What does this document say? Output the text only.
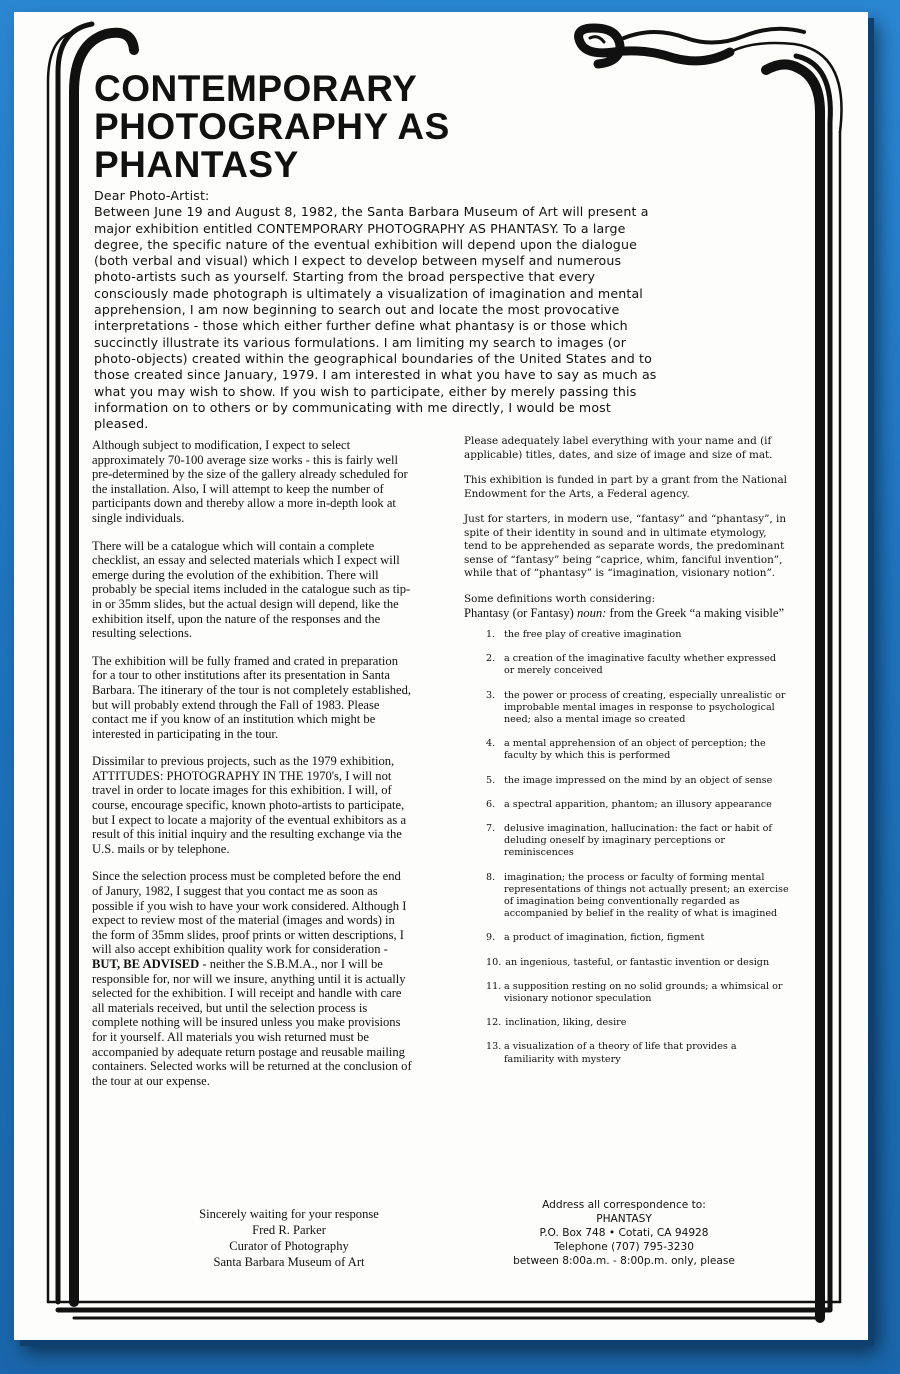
CONTEMPORARY
PHOTOGRAPHY AS
PHANTASY

Dear Photo-Artist:

Between June 19 and August 8, 1982, the Santa Barbara Museum of Art will present a major exhibition entitled CONTEMPORARY PHOTOGRAPHY AS PHANTASY. To a large degree, the specific nature of the eventual exhibition will depend upon the dialogue (both verbal and visual) which I expect to develop between myself and numerous photo-artists such as yourself. Starting from the broad perspective that every consciously made photograph is ultimately a visualization of imagination and mental apprehension, I am now beginning to search out and locate the most provocative interpretations - those which either further define what phantasy is or those which succinctly illustrate its various formulations. I am limiting my search to images (or photo-objects) created within the geographical boundaries of the United States and to those created since January, 1979. I am interested in what you have to say as much as what you may wish to show. If you wish to participate, either by merely passing this information on to others or by communicating with me directly, I would be most pleased.

Although subject to modification, I expect to select approximately 70-100 average size works - this is fairly well pre-determined by the size of the gallery already scheduled for the installation. Also, I will attempt to keep the number of participants down and thereby allow a more in-depth look at single individuals.

There will be a catalogue which will contain a complete checklist, an essay and selected materials which I expect will emerge during the evolution of the exhibition. There will probably be special items included in the catalogue such as tip-in or 35mm slides, but the actual design will depend, like the exhibition itself, upon the nature of the responses and the resulting selections.

The exhibition will be fully framed and crated in preparation for a tour to other institutions after its presentation in Santa Barbara. The itinerary of the tour is not completely established, but will probably extend through the Fall of 1983. Please contact me if you know of an institution which might be interested in participating in the tour.

Dissimilar to previous projects, such as the 1979 exhibition, ATTITUDES: PHOTOGRAPHY IN THE 1970's, I will not travel in order to locate images for this exhibition. I will, of course, encourage specific, known photo-artists to participate, but I expect to locate a majority of the eventual exhibitors as a result of this initial inquiry and the resulting exchange via the U.S. mails or by telephone.

Since the selection process must be completed before the end of Janury, 1982, I suggest that you contact me as soon as possible if you wish to have your work considered. Although I expect to review most of the material (images and words) in the form of 35mm slides, proof prints or witten descriptions, I will also accept exhibition quality work for consideration - BUT, BE ADVISED - neither the S.B.M.A., nor I will be responsible for, nor will we insure, anything until it is actually selected for the exhibition. I will receipt and handle with care all materials received, but until the selection process is complete nothing will be insured unless you make provisions for it yourself. All materials you wish returned must be accompanied by adequate return postage and reusable mailing containers. Selected works will be returned at the conclusion of the tour at our expense.

Please adequately label everything with your name and (if applicable) titles, dates, and size of image and size of mat.

This exhibition is funded in part by a grant from the National Endowment for the Arts, a Federal agency.

Just for starters, in modern use, “fantasy” and “phantasy”, in spite of their identity in sound and in ultimate etymology, tend to be apprehended as separate words, the predominant sense of “fantasy” being “caprice, whim, fanciful invention”, while that of “phantasy” is “imagination, visionary notion”.

Some definitions worth considering:

Phantasy (or Fantasy) noun: from the Greek “a making visible”

1. the free play of creative imagination
2. a creation of the imaginative faculty whether expressed or merely conceived
3. the power or process of creating, especially unrealistic or improbable mental images in response to psychological need; also a mental image so created
4. a mental apprehension of an object of perception; the faculty by which this is performed
5. the image impressed on the mind by an object of sense
6. a spectral apparition, phantom; an illusory appearance
7. delusive imagination, hallucination: the fact or habit of deluding oneself by imaginary perceptions or reminiscences
8. imagination; the process or faculty of forming mental representations of things not actually present; an exercise of imagination being conventionally regarded as accompanied by belief in the reality of what is imagined
9. a product of imagination, fiction, figment
10. an ingenious, tasteful, or fantastic invention or design
11. a supposition resting on no solid grounds; a whimsical or visionary notionor speculation
12. inclination, liking, desire
13. a visualization of a theory of life that provides a familiarity with mystery
Sincerely waiting for your response
Fred R. Parker
Curator of Photography
Santa Barbara Museum of Art
Address all correspondence to:
PHANTASY
P.O. Box 748 • Cotati, CA 94928
Telephone (707) 795-3230
between 8:00a.m. - 8:00p.m. only, please
